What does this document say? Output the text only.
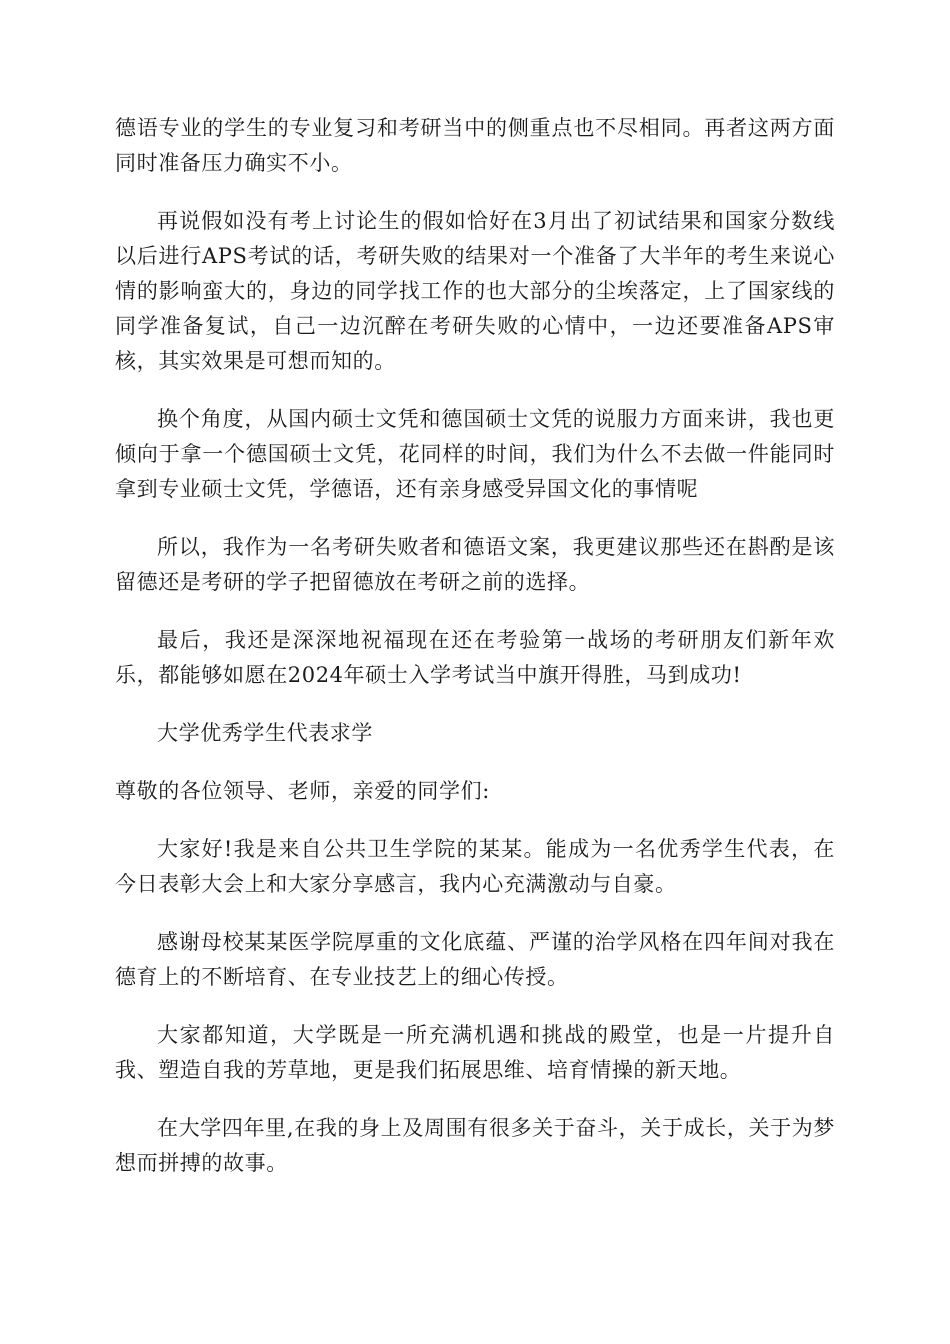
德语专业的学生的专业复习和考研当中的侧重点也不尽相同。再者这两方面同时准备压力确实不小。

再说假如没有考上讨论生的假如恰好在3月出了初试结果和国家分数线以后进行APS考试的话，考研失败的结果对一个准备了大半年的考生来说心情的影响蛮大的，身边的同学找工作的也大部分的尘埃落定，上了国家线的同学准备复试，自己一边沉醉在考研失败的心情中，一边还要准备APS审核，其实效果是可想而知的。

换个角度，从国内硕士文凭和德国硕士文凭的说服力方面来讲，我也更倾向于拿一个德国硕士文凭，花同样的时间，我们为什么不去做一件能同时拿到专业硕士文凭，学德语，还有亲身感受异国文化的事情呢

所以，我作为一名考研失败者和德语文案，我更建议那些还在斟酌是该留德还是考研的学子把留德放在考研之前的选择。

最后，我还是深深地祝福现在还在考验第一战场的考研朋友们新年欢乐，都能够如愿在2024年硕士入学考试当中旗开得胜，马到成功!

大学优秀学生代表求学

尊敬的各位领导、老师，亲爱的同学们:

大家好!我是来自公共卫生学院的某某。能成为一名优秀学生代表，在今日表彰大会上和大家分享感言，我内心充满激动与自豪。

感谢母校某某医学院厚重的文化底蕴、严谨的治学风格在四年间对我在德育上的不断培育、在专业技艺上的细心传授。

大家都知道，大学既是一所充满机遇和挑战的殿堂，也是一片提升自我、塑造自我的芳草地，更是我们拓展思维、培育情操的新天地。

在大学四年里,在我的身上及周围有很多关于奋斗，关于成长，关于为梦想而拼搏的故事。
